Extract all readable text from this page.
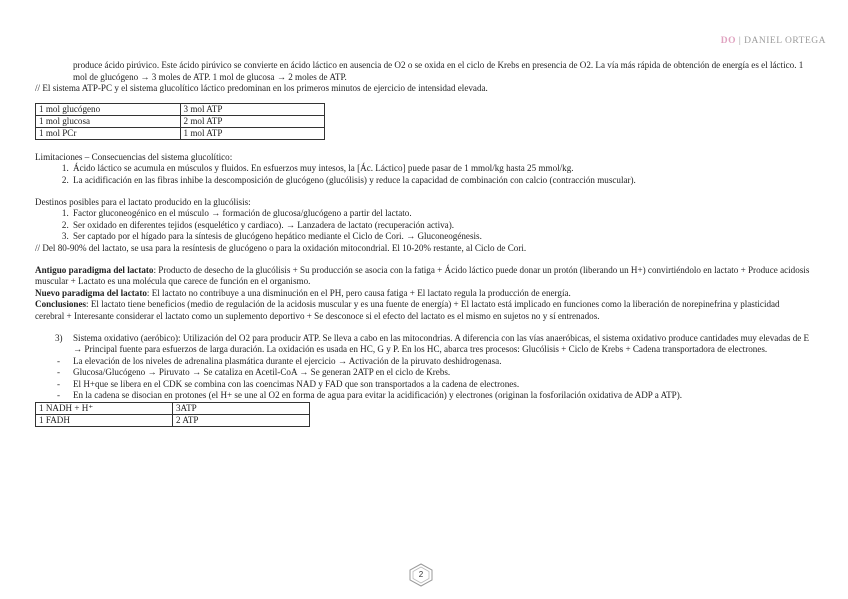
DO | DANIEL ORTEGA

produce ácido pirúvico. Este ácido pirúvico se convierte en ácido láctico en ausencia de O2 o se oxida en el ciclo de Krebs en presencia de O2. La vía más rápida de obtención de energía es el láctico. 1 mol de glucógeno → 3 moles de ATP. 1 mol de glucosa → 2 moles de ATP.

// El sistema ATP-PC y el sistema glucolítico láctico predominan en los primeros minutos de ejercicio de intensidad elevada.

1 mol glucógeno	3 mol ATP
1 mol glucosa	2 mol ATP
1 mol PCr	1 mol ATP

Limitaciones – Consecuencias del sistema glucolítico:

1. Ácido láctico se acumula en músculos y fluidos. En esfuerzos muy intesos, la [Ác. Láctico] puede pasar de 1 mmol/kg hasta 25 mmol/kg.
2. La acidificación en las fibras inhibe la descomposición de glucógeno (glucólisis) y reduce la capacidad de combinación con calcio (contracción muscular).

Destinos posibles para el lactato producido en la glucólisis:

1. Factor gluconeogénico en el músculo → formación de glucosa/glucógeno a partir del lactato.
2. Ser oxidado en diferentes tejidos (esquelético y cardiaco). → Lanzadera de lactato (recuperación activa).
3. Ser captado por el hígado para la síntesis de glucógeno hepático mediante el Ciclo de Cori. → Gluconeogénesis.

// Del 80-90% del lactato, se usa para la resíntesis de glucógeno o para la oxidación mitocondrial. El 10-20% restante, al Ciclo de Cori.

Antiguo paradigma del lactato: Producto de desecho de la glucólisis + Su producción se asocia con la fatiga + Ácido láctico puede donar un protón (liberando un H+) convirtiéndolo en lactato + Produce acidosis muscular + Lactato es una molécula que carece de función en el organismo.

Nuevo paradigma del lactato: El lactato no contribuye a una disminución en el PH, pero causa fatiga + El lactato regula la producción de energía.

Conclusiones: El lactato tiene beneficios (medio de regulación de la acidosis muscular y es una fuente de energía) + El lactato está implicado en funciones como la liberación de norepinefrina y plasticidad cerebral + Interesante considerar el lactato como un suplemento deportivo + Se desconoce si el efecto del lactato es el mismo en sujetos no y sí entrenados.

3) Sistema oxidativo (aeróbico): Utilización del O2 para producir ATP. Se lleva a cabo en las mitocondrias. A diferencia con las vías anaeróbicas, el sistema oxidativo produce cantidades muy elevadas de E → Principal fuente para esfuerzos de larga duración. La oxidación es usada en HC, G y P. En los HC, abarca tres procesos: Glucólisis + Ciclo de Krebs + Cadena transportadora de electrones.
- La elevación de los niveles de adrenalina plasmática durante el ejercicio → Activación de la piruvato deshidrogenasa.
- Glucosa/Glucógeno → Piruvato → Se cataliza en Acetil-CoA → Se generan 2ATP en el ciclo de Krebs.
- El H+que se libera en el CDK se combina con las coencimas NAD y FAD que son transportados a la cadena de electrones.
- En la cadena se disocian en protones (el H+ se une al O2 en forma de agua para evitar la acidificación) y electrones (originan la fosforilación oxidativa de ADP a ATP).
1 NADH + H⁺	3ATP
1 FADH	2 ATP
2
